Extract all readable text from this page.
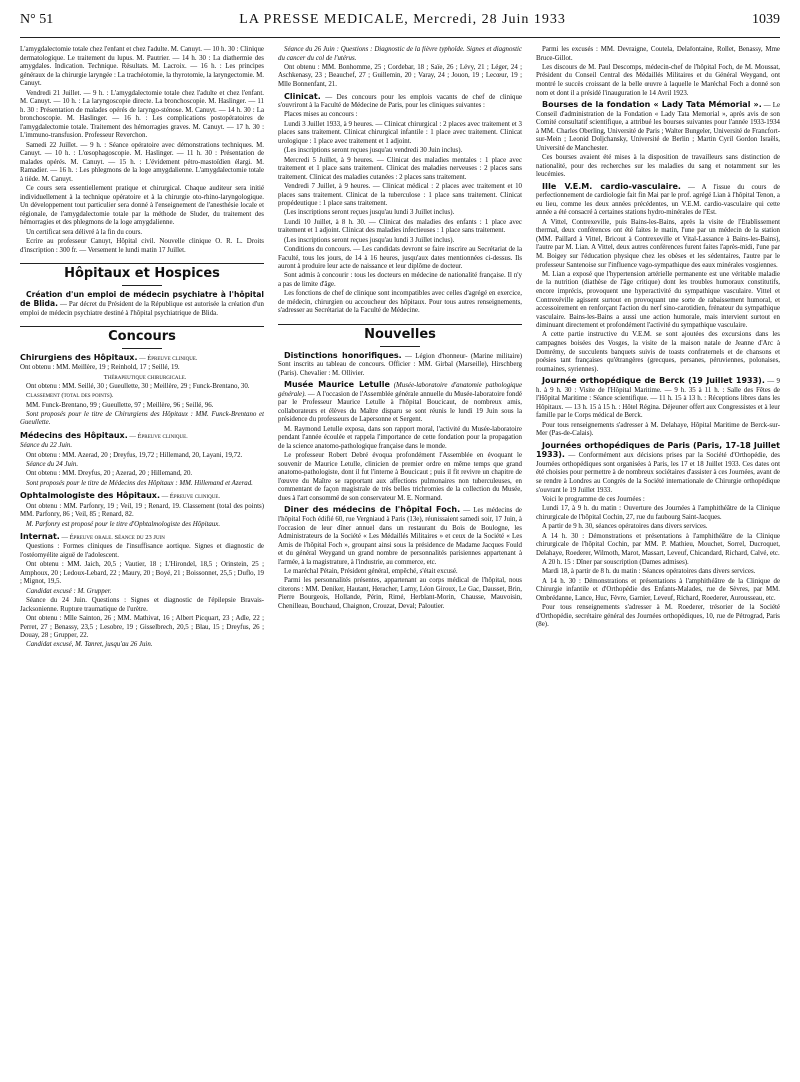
N° 51	LA PRESSE MEDICALE, Mercredi, 28 Juin 1933	1039
L'amygdalectomie totale chez l'enfant et chez l'adulte. M. Canuyt. — 10 h. 30 : Clinique dermatologique. Le traitement du lupus. M. Pautrier. — 14 h. 30 : La diathermie des amygdales. Indication. Technique. Résultats. M. Lacroix. — 16 h. : Les principes généraux de la chirurgie laryngée : La trachéotomie, la thyrotomie, la laryngectomie. M. Canuyt.
Vendredi 21 Juillet. — 9 h. : L'amygdalectomie totale chez l'adulte et chez l'enfant. M. Canuyt. — 10 h. : La laryngoscopie directe. La bronchoscopie. M. Haslinger. — 11 h. 30 : Présentation de malades opérés de laryngo-sténose. M. Canuyt. — 14 h. 30 : La bronchoscopie. M. Haslinger. — 16 h. : Les complications postopératoires de l'amygdalectomie totale. Traitement des hémorragies graves. M. Canuyt. — 17 h. 30 : L'immuno-transfusion. Professeur Reverchon.
Samedi 22 Juillet. — 9 h. : Séance opératoire avec démonstrations techniques. M. Canuyt. — 10 h. : L'œsophagoscopie. M. Haslinger. — 11 h. 30 : Présentation de malades opérés. M. Canuyt. — 15 h. : L'évidement pétro-mastoïdien élargi. M. Ramadier. — 16 h. : Les phlegmons de la loge amygdalienne. L'amygdalectomie totale à tiède. M. Canuyt.
Ce cours sera essentiellement pratique et chirurgical. Chaque auditeur sera initié individuellement à la technique opératoire et à la chirurgie oto-rhino-laryngologique. Un développement tout particulier sera donné à l'enseignement de l'anesthésie locale et régionale, de l'amygdalectomie totale par la méthode de Sluder, du traitement des hémorragies et des phlegmons de la loge amygdalienne.
Un certificat sera délivré à la fin du cours.
Ecrire au professeur Canuyt, Hôpital civil. Nouvelle clinique O. R. L. Droits d'inscription : 300 fr. — Versement le lundi matin 17 Juillet.
Hôpitaux et Hospices
Création d'un emploi de médecin psychiatre à l'hôpital de Blida. — Par décret du Président de la République est autorisée la création d'un emploi de médecin psychiatre destiné à l'hôpital psychiatrique de Blida.
Concours
Chirurgiens des Hôpitaux. — Épreuve clinique.
Ont obtenu : MM. Meillère, 19 ; Reinhold, 17 ; Seillé, 19.
Thérapeutique chirurgicale.
Ont obtenu : MM. Seillé, 30 ; Gueullette, 30 ; Meillère, 29 ; Funck-Brentano, 30.
Classement (total des points).
MM. Funck-Brentano, 99 ; Gueullette, 97 ; Meillère, 96 ; Seillé, 96.
Sont proposés pour le titre de Chirurgiens des Hôpitaux : MM. Funck-Brentano et Gueullette.
Médecins des Hôpitaux. — Épreuve clinique.
Séance du 22 Juin.
Ont obtenu : MM. Azerad, 20 ; Dreyfus, 19,72 ; Hillemand, 20, Layani, 19,72.
Séance du 24 Juin.
Ont obtenu : MM. Dreyfus, 20 ; Azerad, 20 ; Hillemand, 20.
Sont proposés pour le titre de Médecins des Hôpitaux : MM. Hillemand et Azerad.
Ophtalmologiste des Hôpitaux. — Épreuve clinique.
Ont obtenu : MM. Parfonry, 19 ; Veil, 19 ; Renard, 19. Classement (total des points) MM. Parfonry, 86 ; Veil, 85 ; Renard, 82.
M. Parfonry est proposé pour le titre d'Ophtalmologiste des Hôpitaux.
Internat. — Épreuve orale. Séance du 23 Juin
Questions : Formes cliniques de l'insuffisance aortique. Signes et diagnostic de l'ostéomyélite aiguë de l'adolescent.
Ont obtenu : MM. Jaich, 20,5 ; Vautier, 18 ; L'Hirondel, 18,5 ; Orinstein, 25 ; Amphoux, 20 ; Ledoux-Lebard, 22 ; Maury, 20 ; Boyé, 21 ; Boissonnet, 25,5 ; Duflo, 19 ; Mignot, 19,5.
Candidat excusé : M. Grupper.
Séance du 24 Juin. Questions : Signes et diagnostic de l'épilepsie Bravais-Jacksonienne. Rupture traumatique de l'urètre.
Ont obtenu : Mlle Sainton, 26 ; MM. Mathivat, 16 ; Albert Picquart, 23 ; Adle, 22 ; Perret, 27 ; Benassy, 23,5 ; Lesobre, 19 ; Gisselbrech, 20,5 ; Blau, 15 ; Dreyfus, 26 ; Douay, 28 ; Grupper, 22.
Candidat excusé, M. Tanret, jusqu'au 26 Juin.
Séance du 26 Juin : Questions : Diagnostic de la fièvre typhoïde. Signes et diagnostic du cancer du col de l'utérus.
Ont obtenu : MM. Bonhomme, 25 ; Cordebar, 18 ; Saïe, 26 ; Lévy, 21 ; Léger, 24 ; Aschkenasy, 23 ; Beauchef, 27 ; Guillemin, 20 ; Varay, 24 ; Jouon, 19 ; Lecœur, 19 ; Mlle Bonnenfant, 21.
Clinicat. — Des concours pour les emplois vacants de chef de clinique s'ouvriront à la Faculté de Médecine de Paris, pour les cliniques suivantes :
Places mises au concours :
Lundi 3 Juillet 1933, à 9 heures. — Clinicat chirurgical : 2 places avec traitement et 3 places sans traitement. Clinicat chirurgical infantile : 1 place avec traitement. Clinicat urologique : 1 place avec traitement et 1 adjoint.
(Les inscriptions seront reçues jusqu'au vendredi 30 Juin inclus).
Mercredi 5 Juillet, à 9 heures. — Clinicat des maladies mentales : 1 place avec traitement et 1 place sans traitement. Clinicat des maladies nerveuses : 2 places sans traitement. Clinicat des maladies cutanées : 2 places sans traitement.
Vendredi 7 Juillet, à 9 heures. — Clinicat médical : 2 places avec traitement et 10 places sans traitement. Clinicat de la tuberculose : 1 place sans traitement. Clinicat propédeutique : 1 place sans traitement.
(Les inscriptions seront reçues jusqu'au lundi 3 Juillet inclus).
Lundi 10 Juillet, à 8 h. 30. — Clinicat des maladies des enfants : 1 place avec traitement et 1 adjoint. Clinicat des maladies infectieuses : 1 place sans traitement.
(Les inscriptions seront reçues jusqu'au lundi 3 Juillet inclus).
Conditions du concours. — Les candidats devront se faire inscrire au Secrétariat de la Faculté, tous les jours, de 14 à 16 heures, jusqu'aux dates mentionnées ci-dessus. Ils auront à produire leur acte de naissance et leur diplôme de docteur.
Sont admis à concourir : tous les docteurs en médecine de nationalité française. Il n'y a pas de limite d'âge.
Les fonctions de chef de clinique sont incompatibles avec celles d'agrégé en exercice, de médecin, chirurgien ou accoucheur des hôpitaux. Pour tous autres renseignements, s'adresser au Secrétariat de la Faculté de Médecine.
Nouvelles
Distinctions honorifiques. — Légion d'honneur- (Marine militaire) Sont inscrits au tableau de concours. Officier : MM. Girbal (Marseille), Hirschberg (Paris). Chevalier : M. Ollivier.
Musée Maurice Letulle (Musée-laboratoire d'anatomie pathologique générale). — A l'occasion de l'Assemblée générale annuelle du Musée-laboratoire fondé par le Professeur Maurice Letulle à l'hôpital Boucicaut, de nombreux amis, collaborateurs et élèves du Maître disparu se sont réunis le lundi 19 Juin sous la présidence du professeurs de Lapersonne et Sergent.
M. Raymond Letulle exposa, dans son rapport moral, l'activité du Musée-laboratoire pendant l'année écoulée et rappela l'importance de cette fondation pour la propagation de la science anatomo-pathologique française dans le monde.
Le professeur Robert Debré évoqua profondément l'Assemblée en évoquant le souvenir de Maurice Letulle, clinicien de premier ordre en même temps que grand anatomo-pathologiste, dont il fut l'interne à Boucicaut ; puis il fit revivre un chapitre de l'œuvre du Maître se rapportant aux affections pulmonaires non tuberculeuses, en commentant de façon magistrale de très belles trichromies de la collection du Musée, dues à l'art consommé de son conservateur M. E. Normand.
Diner des médecins de l'hôpital Foch. — Les médecins de l'hôpital Foch édifié 60, rue Vergniaud à Paris (13e), réunissaient samedi soir, 17 Juin, à l'occasion de leur dîner annuel dans un restaurant du Bois de Boulogne, les Administrateurs de la Société « Les Médaillés Militaires » et ceux de la Société « Les Amis de l'hôpital Foch », groupant ainsi sous la présidence de Madame Jacques Fould et du général Weygand un grand nombre de personnalités parisiennes appartenant à l'armée, à la magistrature, à l'industrie, au commerce, etc.
Le maréchal Pétain, Président général, empêché, s'était excusé.
Parmi les personnalités présentes, appartenant au corps médical de l'hôpital, nous citerons : MM. Deniker, Hautant, Heracher, Lamy, Léon Giroux, Le Gac, Dausset, Brin, Pierre Bourgeois, Hollande, Périn, Rimé, Herblant-Morin, Chausse, Mauvoisin, Chenilleau, Bouchaud, Chaignon, Crouzat, Deval; Paloutier.
Parmi les excusés : MM. Devraigne, Coutela, Delafontaine, Rollet, Benassy, Mme Bruce-Gillot.
Les discours de M. Paul Descomps, médecin-chef de l'hôpital Foch, de M. Moussat, Président du Conseil Central des Médaillés Militaires et du Général Weygand, ont montré le succès croissant de la belle œuvre à laquelle le Maréchal Foch a donné son nom et dont il a présidé l'inauguration le 14 Avril 1923.
Bourses de la fondation « Lady Tata Mémorial ». — Le Conseil d'administration de la Fondation « Lady Tata Memorial », après avis de son Comité consultatif scientifique, a attribué les bourses suivantes pour l'année 1933-1934 à MM. Charles Oberling, Université de Paris ; Walter Bungeler, Université de Francfort-sur-Mein ; Leonid Doljchansky, Université de Berlin ; Martin Cyril Gordon Israëls, Université de Manchester.
Ces bourses avaient été mises à la disposition de travailleurs sans distinction de nationalité, pour des recherches sur les maladies du sang et notamment sur les leucémies.
IIIe V.E.M. cardio-vasculaire. — A l'issue du cours de perfectionnement de cardiologie fait fin Mai par le prof. agrégé Lian à l'hôpital Tenon, a eu lieu, comme les deux années précédentes, un V.E.M. cardio-vasculaire qui cette année a été consacré à certaines stations hydro-minérales de l'Est.
A Vittel, Contrexeville, puis Bains-les-Bains, après la visite de l'Etablissement thermal, deux conférences ont été faites le matin, l'une par un médecin de la station (MM. Paillard à Vittel, Bricout à Contrexeville et Vital-Lassance à Bains-les-Bains), l'autre par M. Lian. A Vittel, deux autres conférences furent faites l'après-midi, l'une par M. Boigey sur l'éducation physique chez les obèses et les sédentaires, l'autre par le professeur Santenoise sur l'influence vago-sympathique des eaux minérales vosgiennes.
M. Lian a exposé que l'hypertension artérielle permanente est une véritable maladie de la nutrition (diathèse de l'âge critique) dont les troubles humoraux constitutifs, encore imprécis, provoquent une hyperactivité du sympathique vasculaire. Vittel et Contrexéville agissent surtout en provoquant une sorte de rabaissement humoral, et accessoirement en renforçant l'action du nerf sino-carotidien, frénateur du sympathique vasculaire. Bains-les-Bains a aussi une action humorale, mais intervient surtout en diminuant directement et profondément l'activité du sympathique vasculaire.
A cette partie instructive du V.E.M. se sont ajoutées des excursions dans les campagnes boisées des Vosges, la visite de la maison natale de Jeanne d'Arc à Domrémy, de succulents banquets suivis de toasts confraternels et de chansons et poésies tant françaises qu'étrangères (grecques, persanes, péruviennes, polonaises, roumaines, syriennes).
Journée orthopédique de Berck (19 Juillet 1933). — 9 h. à 9 h. 30 : Visite de l'Hôpital Maritime. — 9 h. 35 à 11 h. : Salle des Fêtes de l'Hôpital Maritime : Séance scientifique. — 11 h. 15 à 13 h. : Réceptions libres dans les Hôpitaux. — 13 h. 15 à 15 h. : Hôtel Régina. Déjeuner offert aux Congressistes et à leur famille par le Corps médical de Berck.
Pour tous renseignements s'adresser à M. Delahaye, Hôpital Maritime de Berck-sur-Mer (Pas-de-Calais).
Journées orthopédiques de Paris (Paris, 17-18 Juillet 1933). — Conformément aux décisions prises par la Société d'Orthopédie, des Journées orthopédiques sont organisées à Paris, les 17 et 18 Juillet 1933. Ces dates ont été choisies pour permettre à de nombreux sociétaires d'assister à ces Journées, avant de se rendre à Londres au Congrès de la Société internationale de Chirurgie orthopédique s'ouvrant le 19 Juillet 1933.
Voici le programme de ces Journées :
Lundi 17, à 9 h. du matin : Ouverture des Journées à l'amphithéâtre de la Clinique chirurgicale de l'hôpital Cochin, 27, rue du faubourg Saint-Jacques.
A partir de 9 h. 30, séances opératoires dans divers services.
A 14 h. 30 : Démonstrations et présentations à l'amphithéâtre de la Clinique chirurgicale de l'hôpital Cochin, par MM. P. Mathieu, Mouchet, Sorrel, Ducroquet, Delahaye, Roederer, Wilmoth, Marot, Massart, Leveuf, Chicandard, Richard, Calvé, etc.
A 20 h. 15 : Dîner par souscription (Dames admises).
Mardi 18, à partir de 8 h. du matin : Séances opératoires dans divers services.
A 14 h. 30 : Démonstrations et présentations à l'amphithéâtre de la Clinique de Chirurgie infantile et d'Orthopédie des Enfants-Malades, rue de Sèvres, par MM. Ombrédanne, Lance, Huc, Fèvre, Garnier, Leveuf, Richard, Roederer, Aurousseau, etc.
Pour tous renseignements s'adresser à M. Roederer, trésorier de la Société d'Orthopédie, secrétaire général des Journées orthopédiques, 10, rue de Pétrograd, Paris (8e).
